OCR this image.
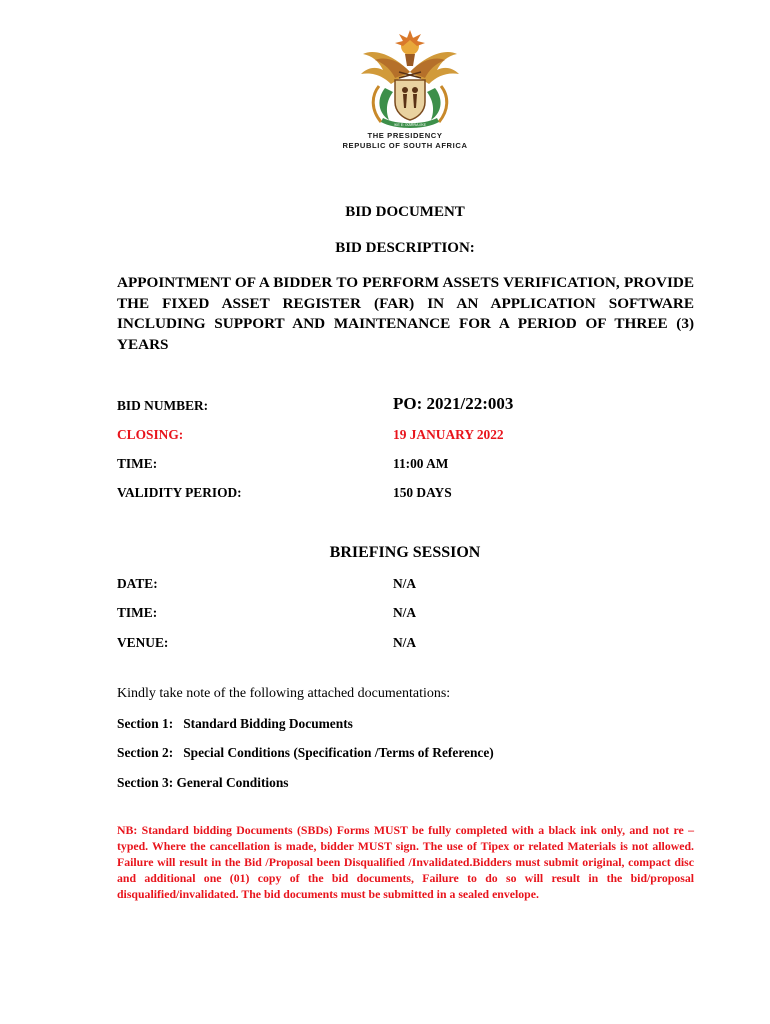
!KE E: /XARRA //KE
THE PRESIDENCY
REPUBLIC OF SOUTH AFRICA
BID DOCUMENT
BID DESCRIPTION:

APPOINTMENT OF A BIDDER TO PERFORM ASSETS VERIFICATION, PROVIDE THE FIXED ASSET REGISTER (FAR) IN AN APPLICATION SOFTWARE INCLUDING SUPPORT AND MAINTENANCE FOR A PERIOD OF THREE (3) YEARS

BID NUMBER:	PO: 2021/22:003
CLOSING:	19 JANUARY 2022
TIME:	11:00 AM
VALIDITY PERIOD:	150 DAYS
BRIEFING SESSION
DATE:	N/A
TIME:	N/A
VENUE:	N/A
Kindly take note of the following attached documentations:
Section 1:   Standard Bidding Documents
Section 2:   Special Conditions (Specification /Terms of Reference)
Section 3: General Conditions

NB: Standard bidding Documents (SBDs) Forms MUST be fully completed with a black ink only, and not re –typed. Where the cancellation is made, bidder MUST sign. The use of Tipex or related Materials is not allowed. Failure will result in the Bid /Proposal been Disqualified /Invalidated.Bidders must submit original, compact disc and additional one (01) copy of the bid documents, Failure to do so will result in the bid/proposal disqualified/invalidated. The bid documents must be submitted in a sealed envelope.
